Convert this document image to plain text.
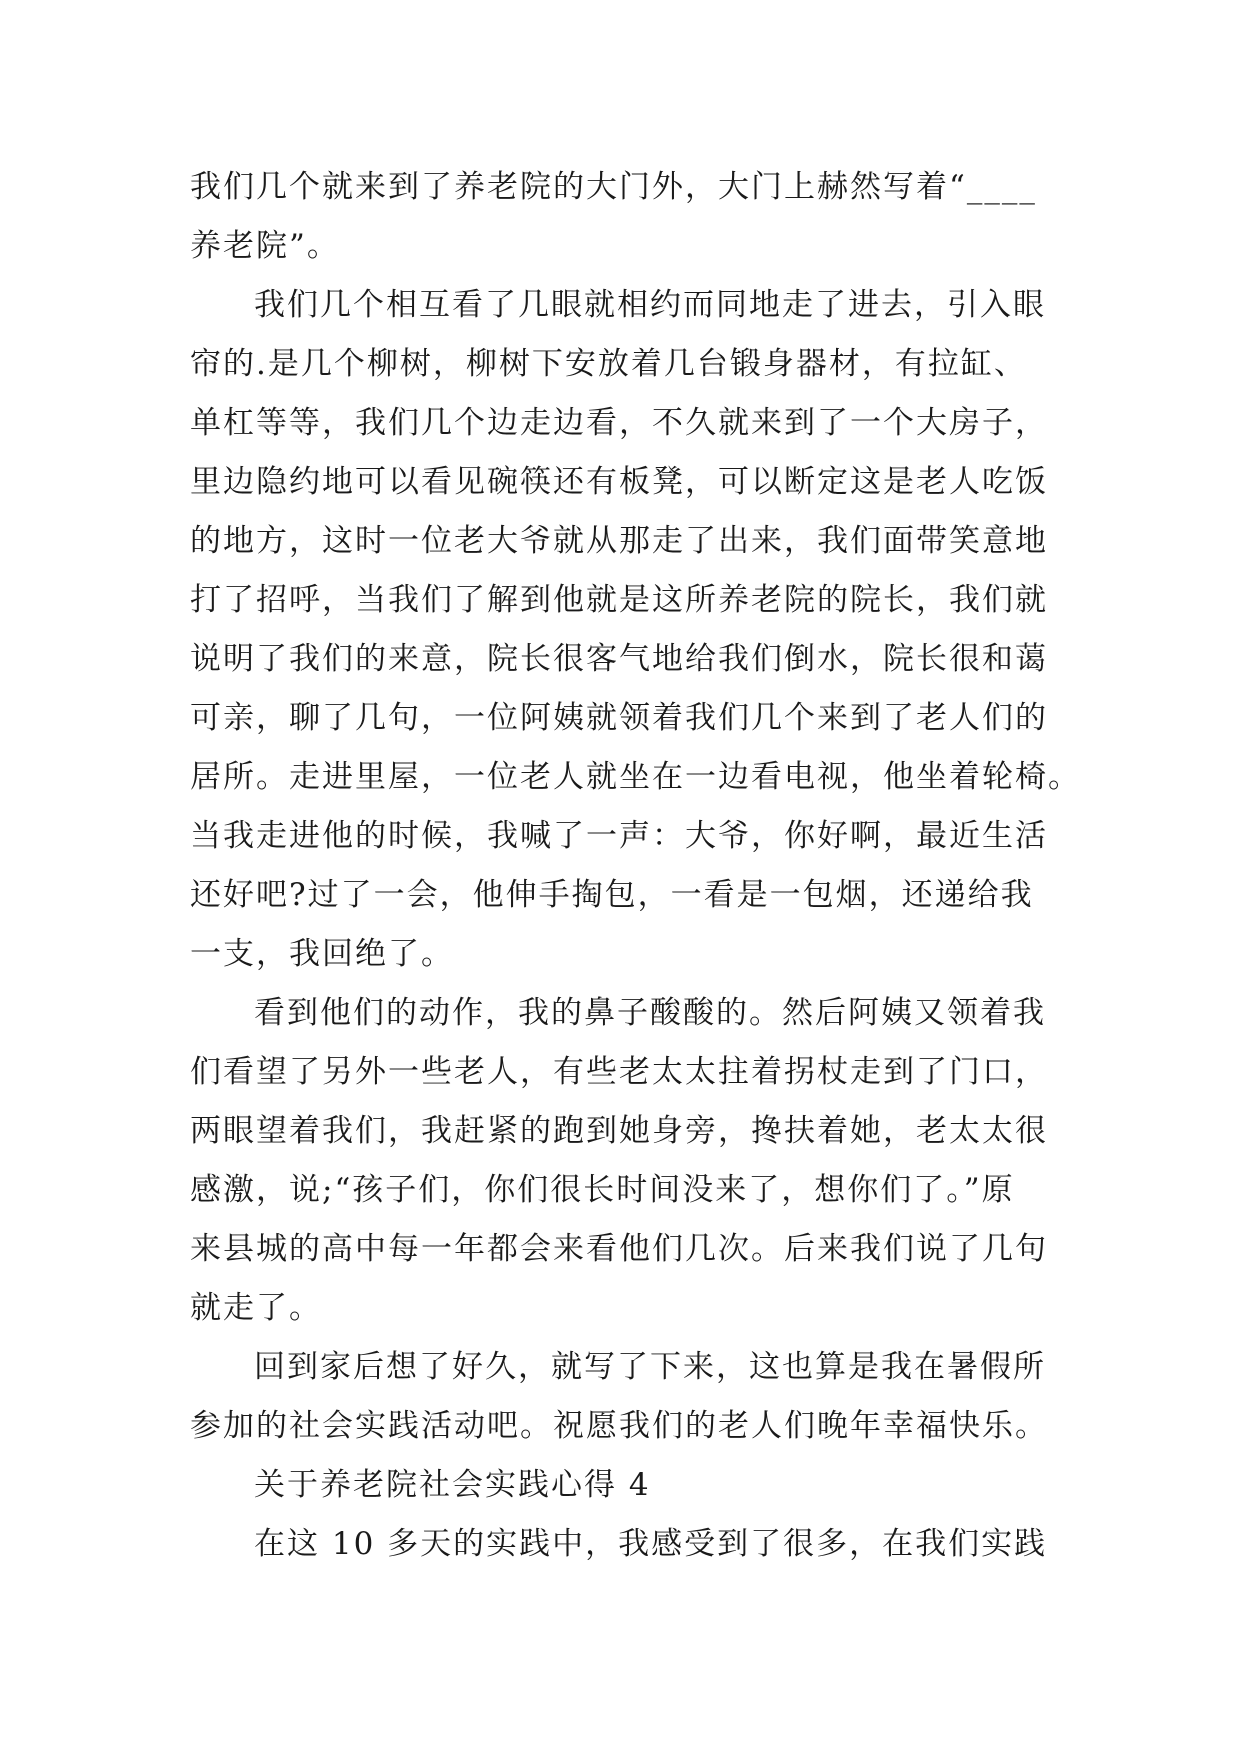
我们几个就来到了养老院的大门外，大门上赫然写着“____
养老院”。
我们几个相互看了几眼就相约而同地走了进去，引入眼
帘的.是几个柳树，柳树下安放着几台锻身器材，有拉缸、
单杠等等，我们几个边走边看，不久就来到了一个大房子，
里边隐约地可以看见碗筷还有板凳，可以断定这是老人吃饭
的地方，这时一位老大爷就从那走了出来，我们面带笑意地
打了招呼，当我们了解到他就是这所养老院的院长，我们就
说明了我们的来意，院长很客气地给我们倒水，院长很和蔼
可亲，聊了几句，一位阿姨就领着我们几个来到了老人们的
居所。走进里屋，一位老人就坐在一边看电视，他坐着轮椅。
当我走进他的时候，我喊了一声：大爷，你好啊，最近生活
还好吧?过了一会，他伸手掏包，一看是一包烟，还递给我
一支，我回绝了。
看到他们的动作，我的鼻子酸酸的。然后阿姨又领着我
们看望了另外一些老人，有些老太太拄着拐杖走到了门口，
两眼望着我们，我赶紧的跑到她身旁，搀扶着她，老太太很
感激，说;“孩子们，你们很长时间没来了，想你们了。”原
来县城的高中每一年都会来看他们几次。后来我们说了几句
就走了。
回到家后想了好久，就写了下来，这也算是我在暑假所
参加的社会实践活动吧。祝愿我们的老人们晚年幸福快乐。
关于养老院社会实践心得 4
在这 10 多天的实践中，我感受到了很多，在我们实践
